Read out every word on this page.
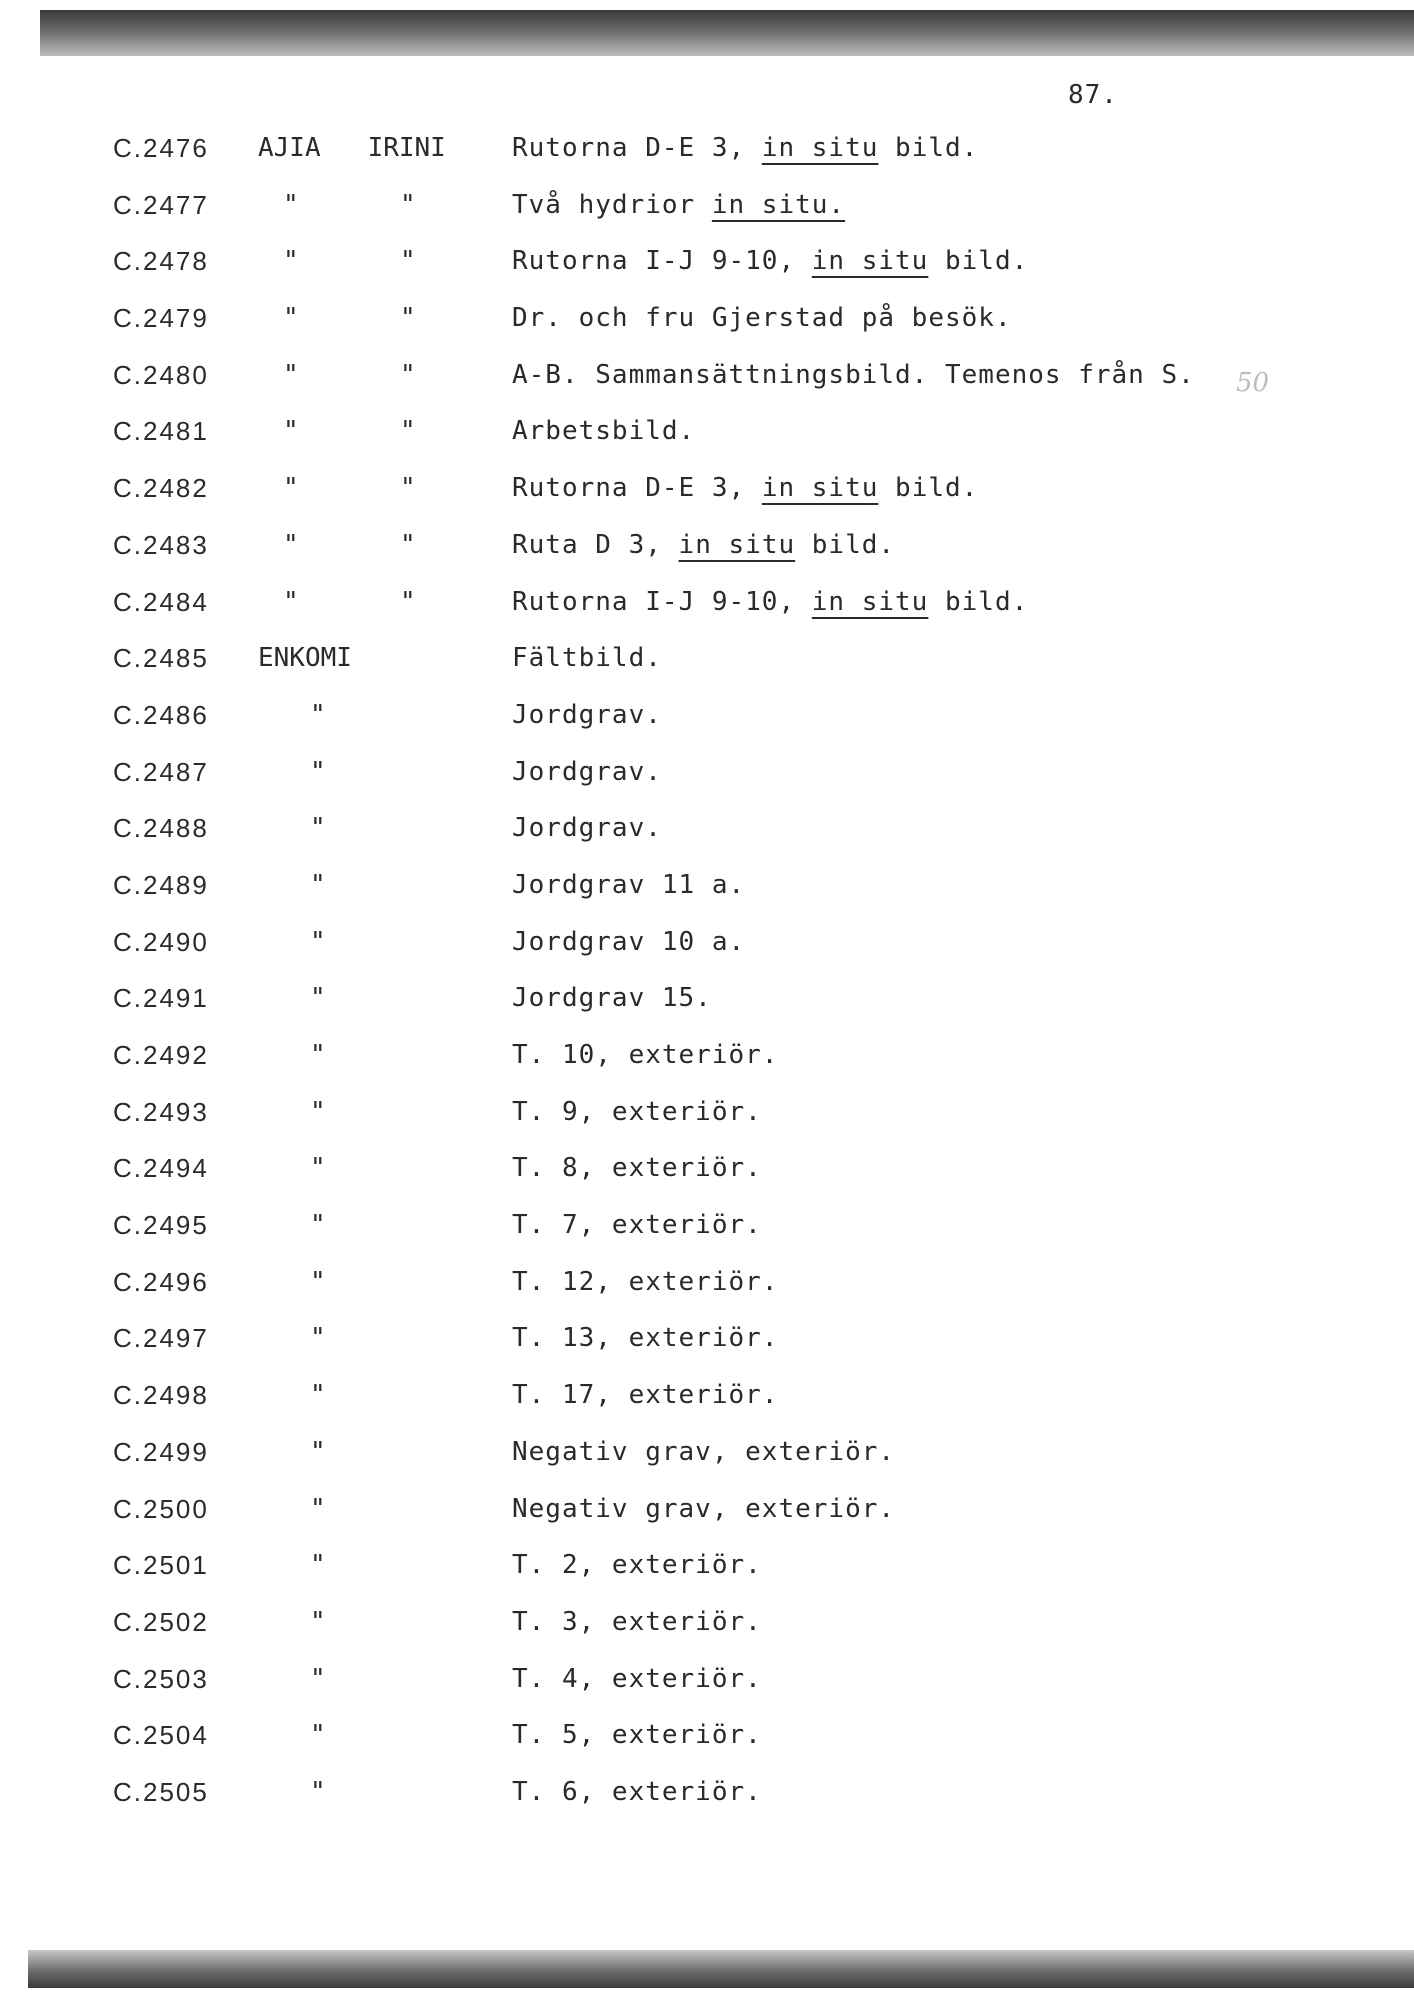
87.
50
C.2476 AJIA   IRINI	Rutorna D-E 3, in situ bild.
C.2477	"	"	Två hydrior in situ.
C.2478	"	"	Rutorna I-J 9-10, in situ bild.
C.2479	"	"	Dr. och fru Gjerstad på besök.
C.2480	"	"	A-B. Sammansättningsbild. Temenos från S.
C.2481	"	"	Arbetsbild.
C.2482	"	"	Rutorna D-E 3, in situ bild.
C.2483	"	"	Ruta D 3, in situ bild.
C.2484	"	"	Rutorna I-J 9-10, in situ bild.
C.2485 ENKOMI	Fältbild.
C.2486	"	Jordgrav.
C.2487	"	Jordgrav.
C.2488	"	Jordgrav.
C.2489	"	Jordgrav 11 a.
C.2490	"	Jordgrav 10 a.
C.2491	"	Jordgrav 15.
C.2492	"	T. 10, exteriör.
C.2493	"	T. 9, exteriör.
C.2494	"	T. 8, exteriör.
C.2495	"	T. 7, exteriör.
C.2496	"	T. 12, exteriör.
C.2497	"	T. 13, exteriör.
C.2498	"	T. 17, exteriör.
C.2499	"	Negativ grav, exteriör.
C.2500	"	Negativ grav, exteriör.
C.2501	"	T. 2, exteriör.
C.2502	"	T. 3, exteriör.
C.2503	"	T. 4, exteriör.
C.2504	"	T. 5, exteriör.
C.2505	"	T. 6, exteriör.
